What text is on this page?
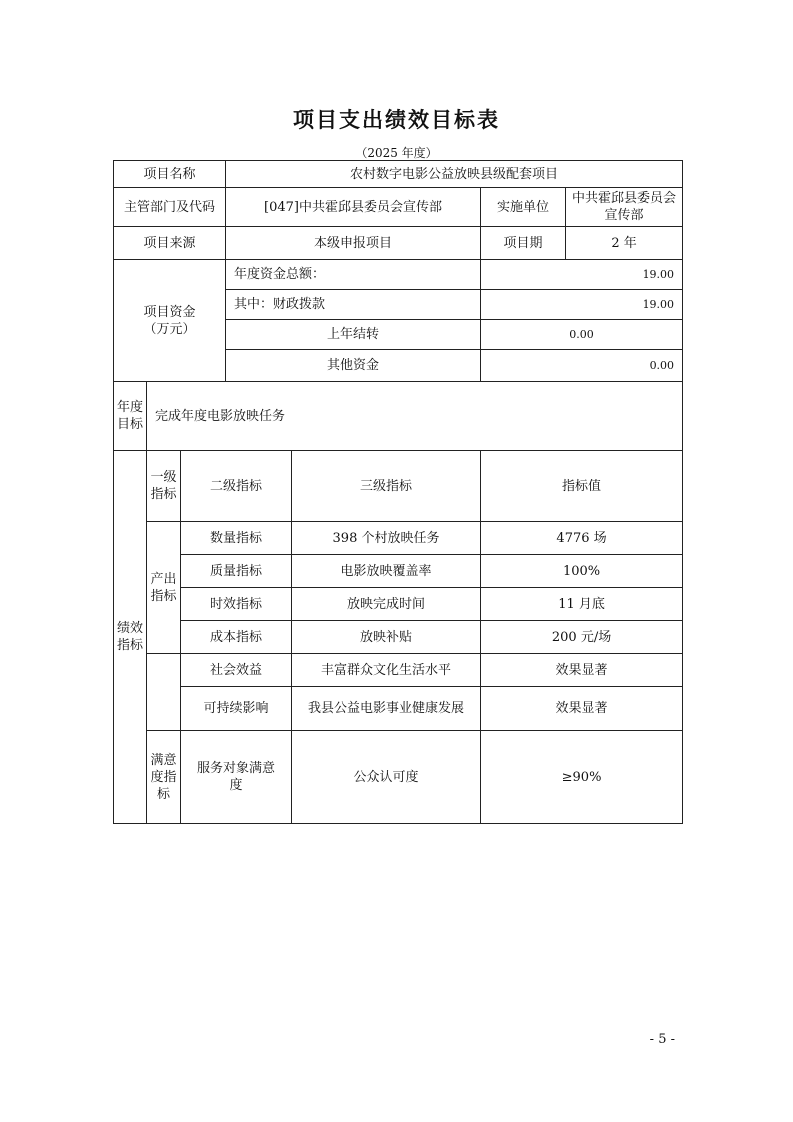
项目支出绩效目标表
（2025 年度）
项目名称			农村数字电影公益放映县级配套项目			
主管部门及代码			[047]中共霍邱县委员会宣传部		实施单位	中共霍邱县委员会宣传部
项目来源			本级申报项目		项目期	2 年
项目资金（万元）			年度资金总额：		19.00	
			其中：财政拨款		19.00	
			上年结转		0.00	
			其他资金		0.00	
年度目标	完成年度电影放映任务					
绩效指标	一级指标	二级指标		三级指标	指标值	
	产出指标	数量指标		398 个村放映任务	4776 场	
		质量指标		电影放映覆盖率	100%	
		时效指标		放映完成时间	11 月底	
		成本指标		放映补贴	200 元/场	
		社会效益		丰富群众文化生活水平	效果显著	
		可持续影响		我县公益电影事业健康发展	效果显著	
	满意度指标	服务对象满意度		公众认可度	≥90%	
- 5 -
